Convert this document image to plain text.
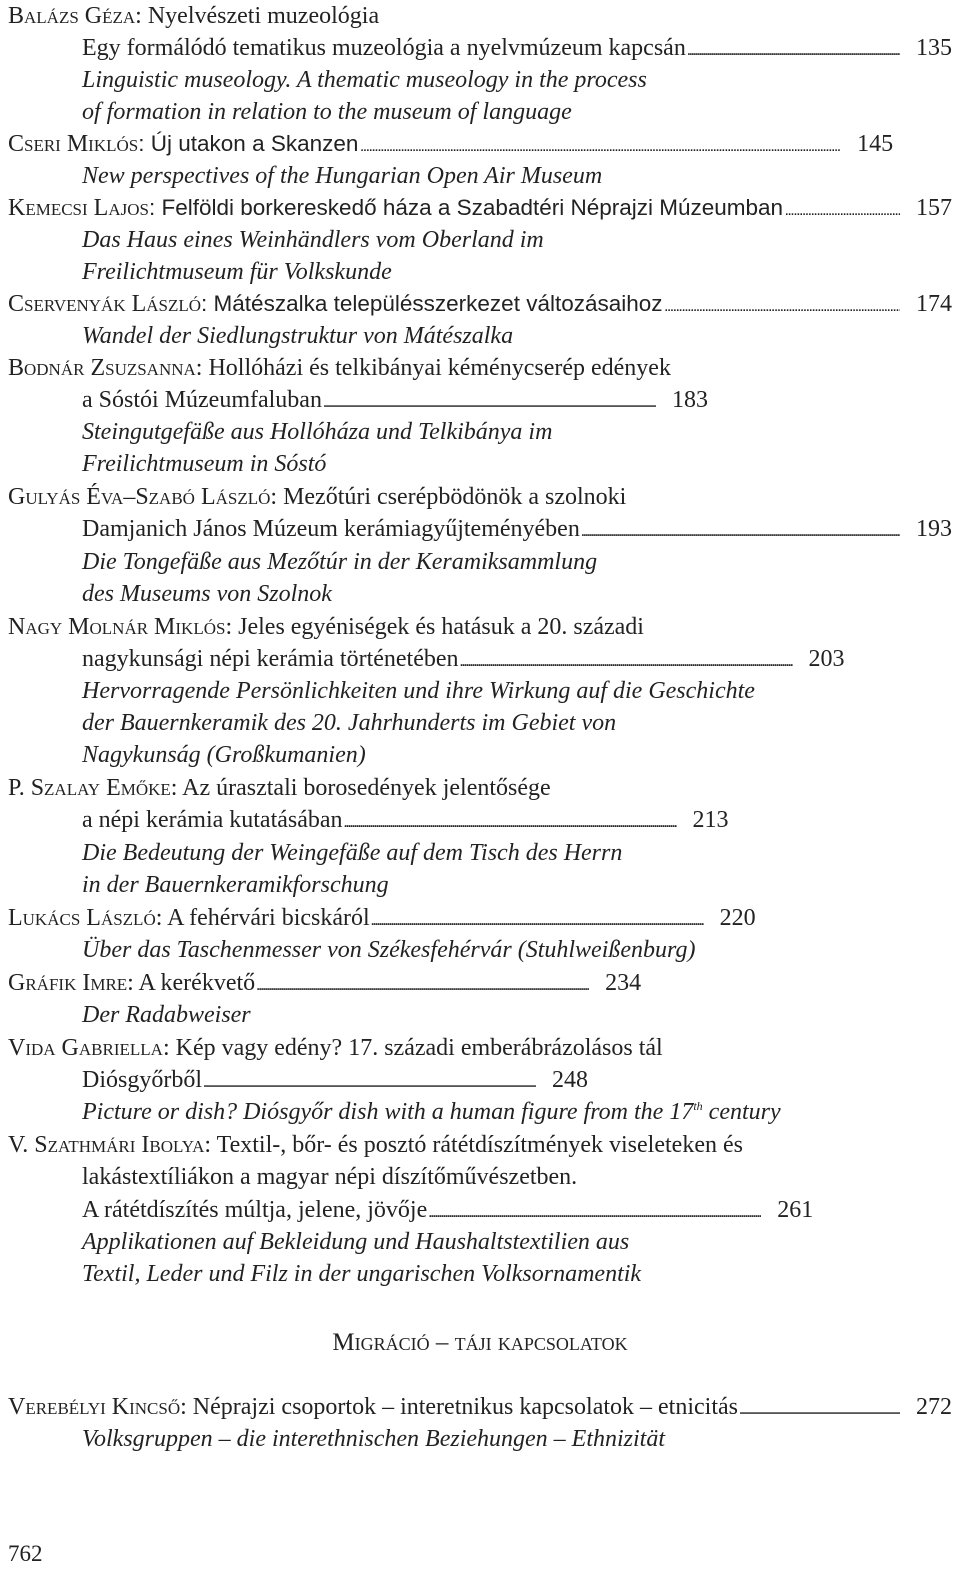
Balázs Géza: Nyelvészeti muzeológia
Egy formálódó tematikus muzeológia a nyelvmúzeum kapcsán . . .	135
Linguistic museology. A thematic museology in the process
of formation in relation to the museum of language
Cseri Miklós: Új utakon a Skanzen . . .	145
New perspectives of the Hungarian Open Air Museum
Kemecsi Lajos: Felföldi borkereskedő háza a Szabadtéri Néprajzi Múzeumban . . .	157
Das Haus eines Weinhändlers vom Oberland im
Freilichtmuseum für Volkskunde
Cservenyák László: Mátészalka településszerkezet változásaihoz . . .	174
Wandel der Siedlungstruktur von Mátészalka
Bodnár Zsuzsanna: Hollóházi és telkibányai kéménycserép edények
a Sóstói Múzeumfaluban . . .	183
Steingutgefäße aus Hollóháza und Telkibánya im
Freilichtmuseum in Sóstó
Gulyás Éva–Szabó László: Mezőtúri cserépbödönök a szolnoki
Damjanich János Múzeum kerámiagyűjteményében . . .	193
Die Tongefäße aus Mezőtúr in der Keramiksammlung
des Museums von Szolnok
Nagy Molnár Miklós: Jeles egyéniségek és hatásuk a 20. századi
nagykunsági népi kerámia történetében . . .	203
Hervorragende Persönlichkeiten und ihre Wirkung auf die Geschichte
der Bauernkeramik des 20. Jahrhunderts im Gebiet von
Nagykunság (Großkumanien)
P. Szalay Emőke: Az úrasztali borosedények jelentősége
a népi kerámia kutatásában . . .	213
Die Bedeutung der Weingefäße auf dem Tisch des Herrn
in der Bauernkeramikforschung
Lukács László: A fehérvári bicskáról . . .	220
Über das Taschenmesser von Székesfehérvár (Stuhlweißenburg)
Gráfik Imre: A kerékvető . . .	234
Der Radabweiser
Vida Gabriella: Kép vagy edény? 17. századi emberábrázolásos tál
Diósgyőrből . . .	248
Picture or dish? Diósgyőr dish with a human figure from the 17th century
V. Szathmári Ibolya: Textil-, bőr- és posztó rátétdíszítmények viseleteken és
lakástextíliákon a magyar népi díszítőművészetben.
A rátétdíszítés múltja, jelene, jövője . . .	261
Applikationen auf Bekleidung und Haushaltstextilien aus
Textil, Leder und Filz in der ungarischen Volksornamentik
Migráció – táji kapcsolatok
Verebélyi Kincső: Néprajzi csoportok – interetnikus kapcsolatok – etnicitás . . .	272
Volksgruppen – die interethnischen Beziehungen – Ethnizität
762
